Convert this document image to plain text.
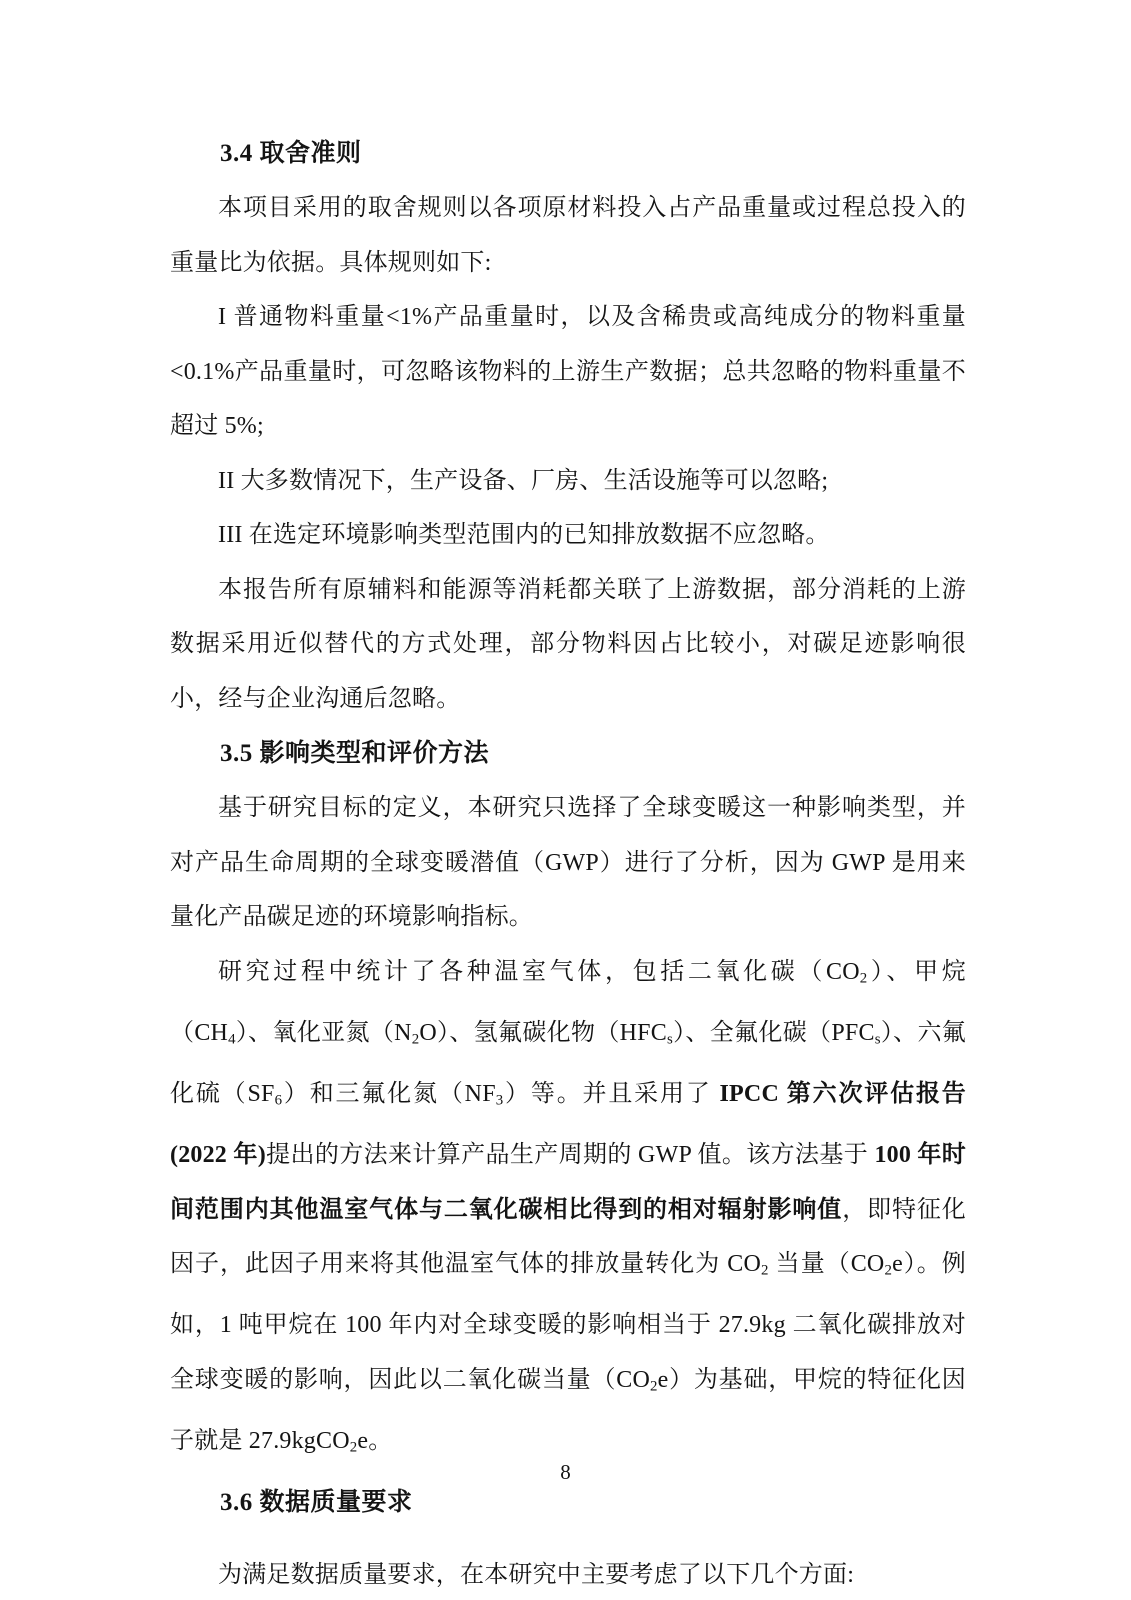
3.4 取舍准则

本项目采用的取舍规则以各项原材料投入占产品重量或过程总投入的重量比为依据。具体规则如下:

I 普通物料重量<1%产品重量时，以及含稀贵或高纯成分的物料重量<0.1%产品重量时，可忽略该物料的上游生产数据；总共忽略的物料重量不超过 5%;

II 大多数情况下，生产设备、厂房、生活设施等可以忽略;

III 在选定环境影响类型范围内的已知排放数据不应忽略。

本报告所有原辅料和能源等消耗都关联了上游数据，部分消耗的上游数据采用近似替代的方式处理，部分物料因占比较小，对碳足迹影响很小，经与企业沟通后忽略。

3.5 影响类型和评价方法

基于研究目标的定义，本研究只选择了全球变暖这一种影响类型，并对产品生命周期的全球变暖潜值（GWP）进行了分析，因为 GWP 是用来量化产品碳足迹的环境影响指标。

研究过程中统计了各种温室气体，包括二氧化碳$(CO_2)$、甲烷$(CH_4)$、氧化亚氮$(N_2O)$、氢氟碳化物$(HFC_s)$、全氟化碳$(PFC_s)$、六氟化硫$(SF_6)$和三氟化氮$(NF_3)$等。并且采用了 IPCC 第六次评估报告(2022 年)提出的方法来计算产品生产周期的 GWP 值。该方法基于 100 年时间范围内其他温室气体与二氧化碳相比得到的相对辐射影响值，即特征化因子，此因子用来将其他温室气体的排放量转化为 $CO_2$ 当量$(CO_2e)$。例如，1 吨甲烷在 100 年内对全球变暖的影响相当于 27.9kg 二氧化碳排放对全球变暖的影响，因此以二氧化碳当量$(CO_2e)$为基础，甲烷的特征化因子就是 27.9kgCO$_2$e。

3.6 数据质量要求

为满足数据质量要求，在本研究中主要考虑了以下几个方面:

8
